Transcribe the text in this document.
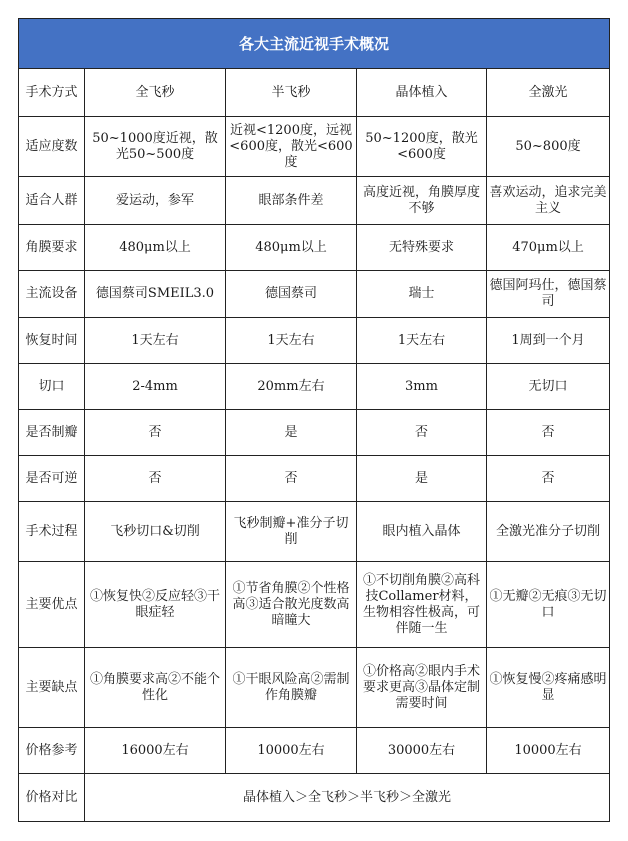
各大主流近视手术概况				
手术方式	全飞秒	半飞秒	晶体植入	全激光
适应度数	50~1000度近视，散光50~500度	近视<1200度，远视<600度，散光<600度	50~1200度，散光<600度	50~800度
适合人群	爱运动，参军	眼部条件差	高度近视，角膜厚度不够	喜欢运动，追求完美主义
角膜要求	480μm以上	480μm以上	无特殊要求	470μm以上
主流设备	德国蔡司SMEIL3.0	德国蔡司	瑞士	德国阿玛仕，德国蔡司
恢复时间	1天左右	1天左右	1天左右	1周到一个月
切口	2-4mm	20mm左右	3mm	无切口
是否制瓣	否	是	否	否
是否可逆	否	否	是	否
手术过程	飞秒切口&切削	飞秒制瓣+准分子切削	眼内植入晶体	全激光准分子切削
主要优点	①恢复快②反应轻③干眼症轻	①节省角膜②个性格高③适合散光度数高暗瞳大	①不切削角膜②高科技Collamer材料，生物相容性极高，可伴随一生	①无瓣②无痕③无切口
主要缺点	①角膜要求高②不能个性化	①干眼风险高②需制作角膜瓣	①价格高②眼内手术要求更高③晶体定制需要时间	①恢复慢②疼痛感明显
价格参考	16000左右	10000左右	30000左右	10000左右
价格对比	晶体植入＞全飞秒＞半飞秒＞全激光			
